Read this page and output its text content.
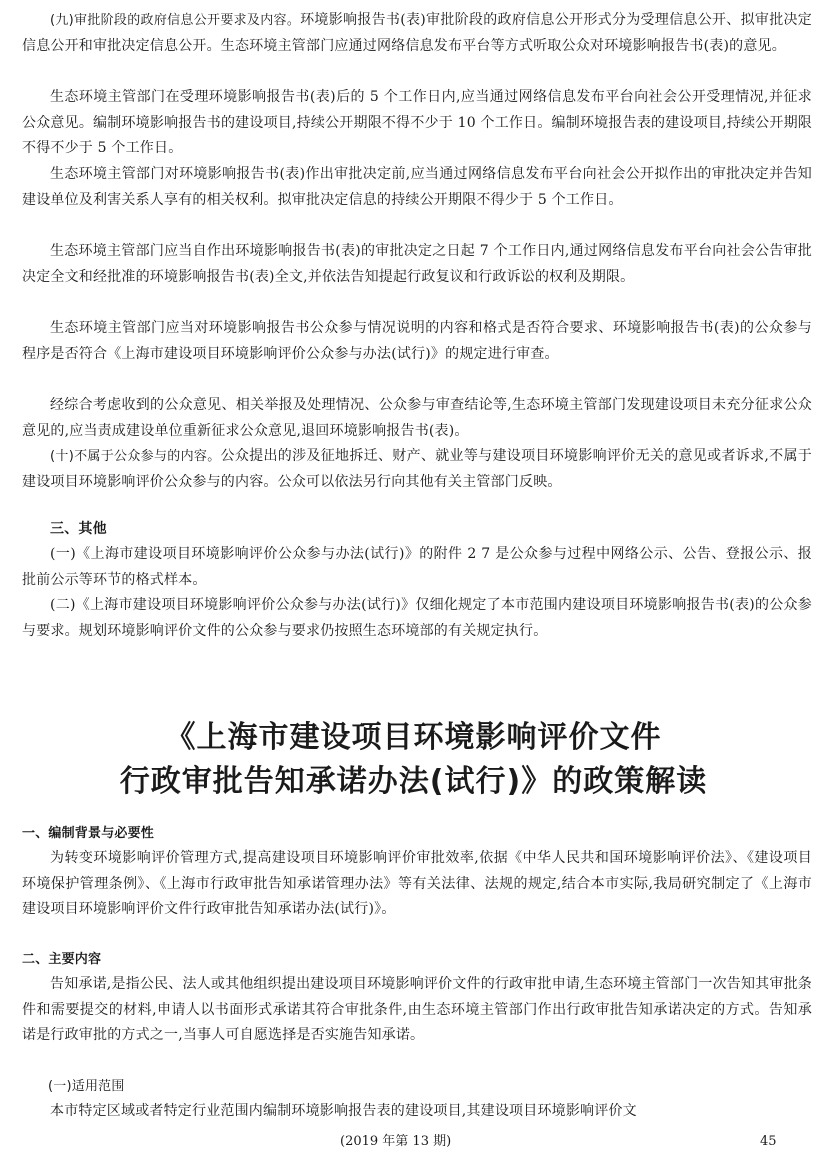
(九)审批阶段的政府信息公开要求及内容。环境影响报告书(表)审批阶段的政府信息公开形式分为受理信息公开、拟审批决定信息公开和审批决定信息公开。生态环境主管部门应通过网络信息发布平台等方式听取公众对环境影响报告书(表)的意见。

生态环境主管部门在受理环境影响报告书(表)后的 5 个工作日内,应当通过网络信息发布平台向社会公开受理情况,并征求公众意见。编制环境影响报告书的建设项目,持续公开期限不得不少于 10 个工作日。编制环境报告表的建设项目,持续公开期限不得不少于 5 个工作日。

生态环境主管部门对环境影响报告书(表)作出审批决定前,应当通过网络信息发布平台向社会公开拟作出的审批决定并告知建设单位及利害关系人享有的相关权利。拟审批决定信息的持续公开期限不得少于 5 个工作日。

生态环境主管部门应当自作出环境影响报告书(表)的审批决定之日起 7 个工作日内,通过网络信息发布平台向社会公告审批决定全文和经批准的环境影响报告书(表)全文,并依法告知提起行政复议和行政诉讼的权利及期限。

生态环境主管部门应当对环境影响报告书公众参与情况说明的内容和格式是否符合要求、环境影响报告书(表)的公众参与程序是否符合《上海市建设项目环境影响评价公众参与办法(试行)》的规定进行审查。

经综合考虑收到的公众意见、相关举报及处理情况、公众参与审查结论等,生态环境主管部门发现建设项目未充分征求公众意见的,应当责成建设单位重新征求公众意见,退回环境影响报告书(表)。

(十)不属于公众参与的内容。公众提出的涉及征地拆迁、财产、就业等与建设项目环境影响评价无关的意见或者诉求,不属于建设项目环境影响评价公众参与的内容。公众可以依法另行向其他有关主管部门反映。

三、其他

(一)《上海市建设项目环境影响评价公众参与办法(试行)》的附件 2 7 是公众参与过程中网络公示、公告、登报公示、报批前公示等环节的格式样本。

(二)《上海市建设项目环境影响评价公众参与办法(试行)》仅细化规定了本市范围内建设项目环境影响报告书(表)的公众参与要求。规划环境影响评价文件的公众参与要求仍按照生态环境部的有关规定执行。

《上海市建设项目环境影响评价文件
行政审批告知承诺办法(试行)》的政策解读

一、编制背景与必要性

为转变环境影响评价管理方式,提高建设项目环境影响评价审批效率,依据《中华人民共和国环境影响评价法》、《建设项目环境保护管理条例》、《上海市行政审批告知承诺管理办法》等有关法律、法规的规定,结合本市实际,我局研究制定了《上海市建设项目环境影响评价文件行政审批告知承诺办法(试行)》。

二、主要内容

告知承诺,是指公民、法人或其他组织提出建设项目环境影响评价文件的行政审批申请,生态环境主管部门一次告知其审批条件和需要提交的材料,申请人以书面形式承诺其符合审批条件,由生态环境主管部门作出行政审批告知承诺决定的方式。告知承诺是行政审批的方式之一,当事人可自愿选择是否实施告知承诺。

(一)适用范围

本市特定区域或者特定行业范围内编制环境影响报告表的建设项目,其建设项目环境影响评价文

(2019 年第 13 期)	45
